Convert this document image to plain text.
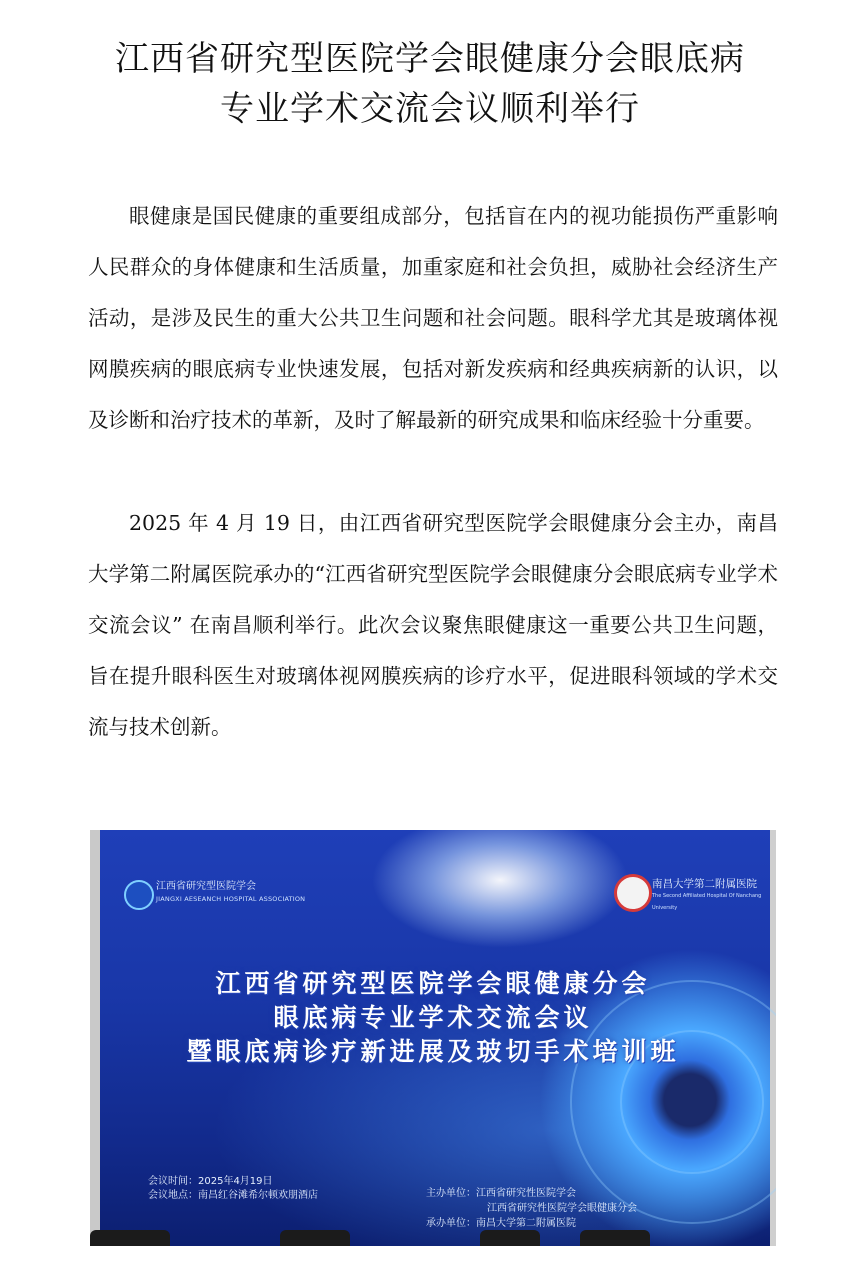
江西省研究型医院学会眼健康分会眼底病
专业学术交流会议顺利举行

眼健康是国民健康的重要组成部分，包括盲在内的视功能损伤严重影响人民群众的身体健康和生活质量，加重家庭和社会负担，威胁社会经济生产活动，是涉及民生的重大公共卫生问题和社会问题。眼科学尤其是玻璃体视网膜疾病的眼底病专业快速发展，包括对新发疾病和经典疾病新的认识，以及诊断和治疗技术的革新，及时了解最新的研究成果和临床经验十分重要。

2025 年 4 月 19 日，由江西省研究型医院学会眼健康分会主办，南昌大学第二附属医院承办的“江西省研究型医院学会眼健康分会眼底病专业学术交流会议” 在南昌顺利举行。此次会议聚焦眼健康这一重要公共卫生问题，旨在提升眼科医生对玻璃体视网膜疾病的诊疗水平，促进眼科领域的学术交流与技术创新。

江西省研究型医院学会
JIANGXI AESEANCH HOSPITAL ASSOCIATION
南昌大学第二附属医院
The Second Affiliated Hospital Of Nanchang University
江西省研究型医院学会眼健康分会
眼底病专业学术交流会议
暨眼底病诊疗新进展及玻切手术培训班
会议时间：2025年4月19日
会议地点：南昌红谷滩希尔顿欢朋酒店	主办单位：江西省研究性医院学会
江西省研究性医院学会眼健康分会
承办单位：南昌大学第二附属医院
